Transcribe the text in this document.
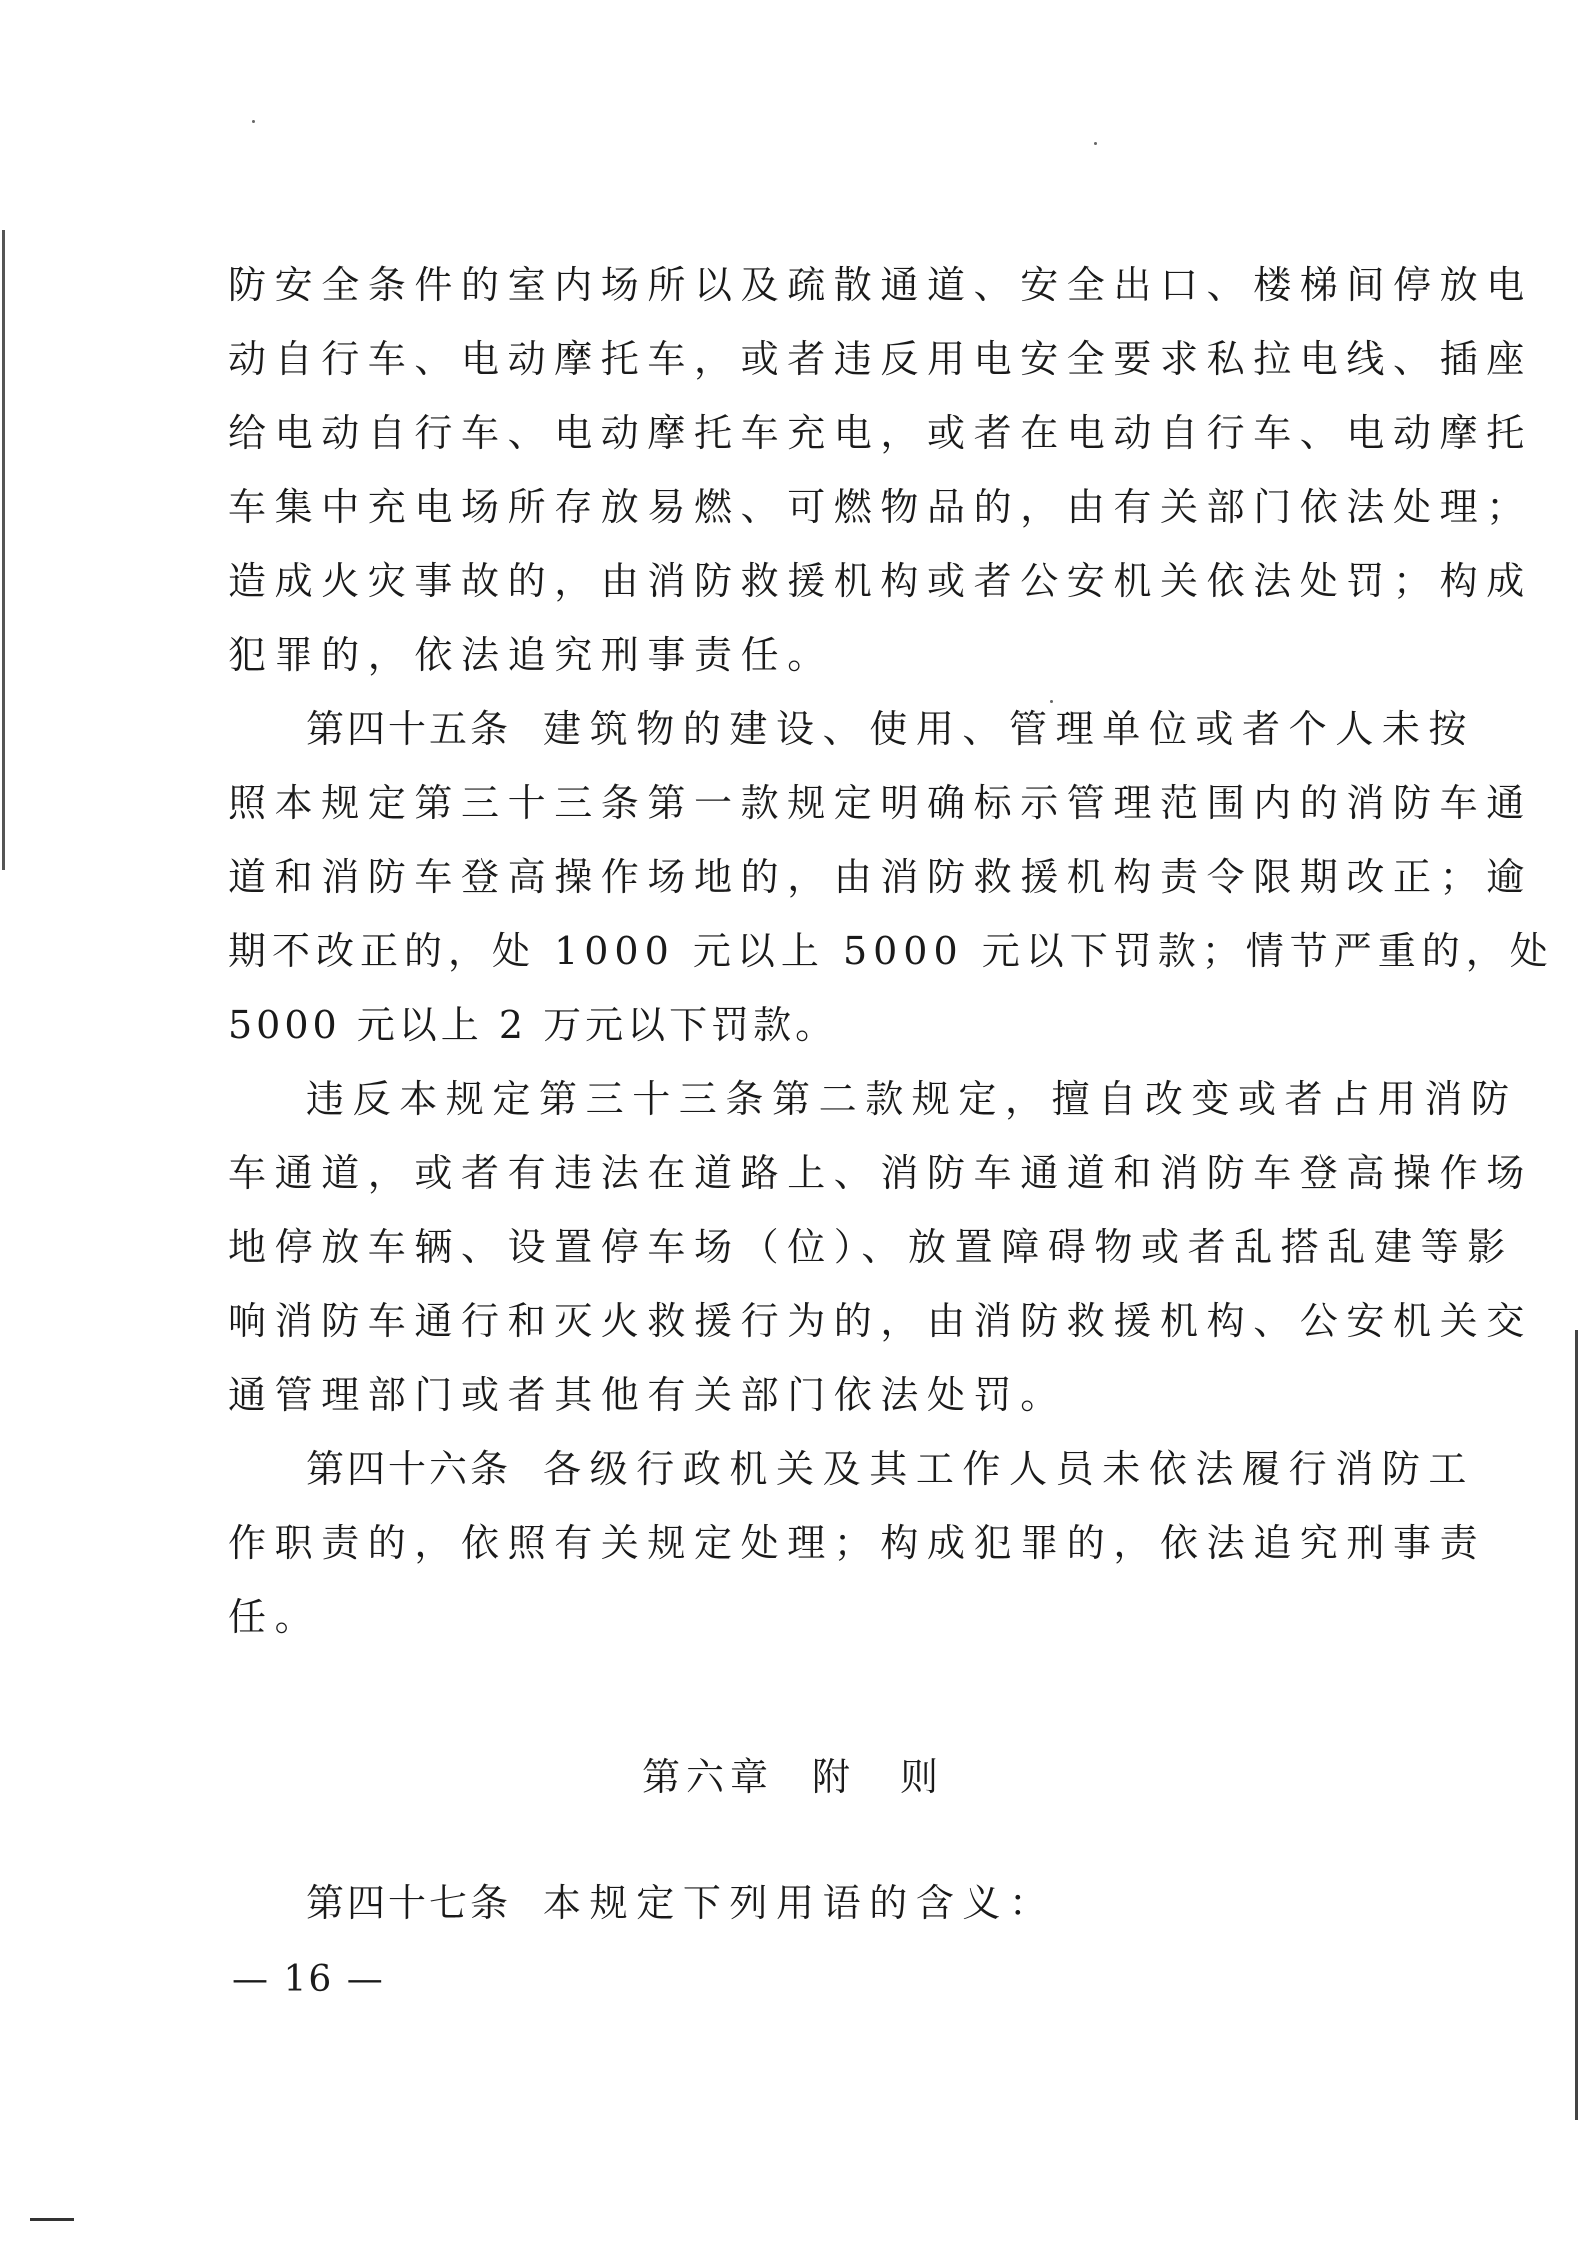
防安全条件的室内场所以及疏散通道、安全出口、楼梯间停放电
动自行车、电动摩托车，或者违反用电安全要求私拉电线、插座
给电动自行车、电动摩托车充电，或者在电动自行车、电动摩托
车集中充电场所存放易燃、可燃物品的，由有关部门依法处理；
造成火灾事故的，由消防救援机构或者公安机关依法处罚；构成
犯罪的，依法追究刑事责任。
第四十五条 建筑物的建设、使用、管理单位或者个人未按
照本规定第三十三条第一款规定明确标示管理范围内的消防车通
道和消防车登高操作场地的，由消防救援机构责令限期改正；逾
期不改正的，处 1000 元以上 5000 元以下罚款；情节严重的，处
5000 元以上 2 万元以下罚款。
违反本规定第三十三条第二款规定，擅自改变或者占用消防
车通道，或者有违法在道路上、消防车通道和消防车登高操作场
地停放车辆、设置停车场（位）、放置障碍物或者乱搭乱建等影
响消防车通行和灭火救援行为的，由消防救援机构、公安机关交
通管理部门或者其他有关部门依法处罚。
第四十六条 各级行政机关及其工作人员未依法履行消防工
作职责的，依照有关规定处理；构成犯罪的，依法追究刑事责
任。
第六章 附　则
第四十七条 本规定下列用语的含义：
— 16 —
